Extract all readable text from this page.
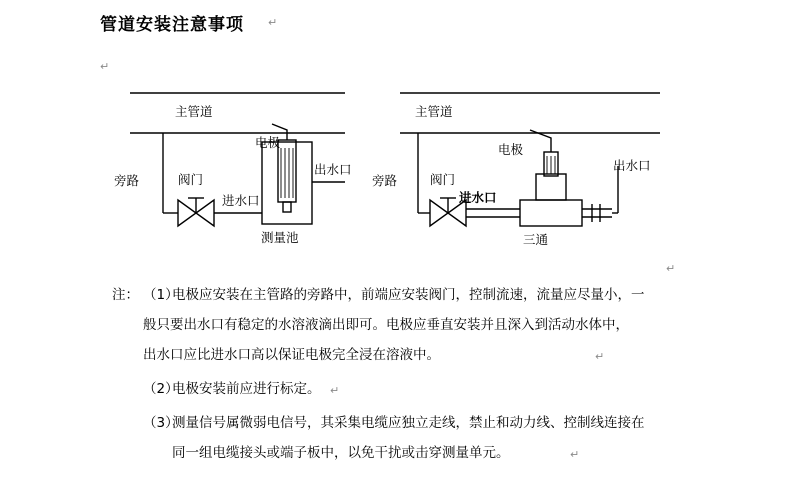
管道安装注意事项 ↵
↵
主管道
旁路	阀门
电极
进水口
出水口
测量池
主管道
旁路	阀门
电极
进水口
出水口
三通
↵
注： （1）
电极应安装在主管路的旁路中，前端应安装阀门，控制流速，流量应尽量小，一
般只要出水口有稳定的水溶液滴出即可。电极应垂直安装并且深入到活动水体中，
出水口应比进水口高以保证电极完全浸在溶液中。	↵
（2）
电极安装前应进行标定。 ↵
（3）
测量信号属微弱电信号，其采集电缆应独立走线，禁止和动力线、控制线连接在
同一组电缆接头或端子板中，以免干扰或击穿测量单元。	↵
